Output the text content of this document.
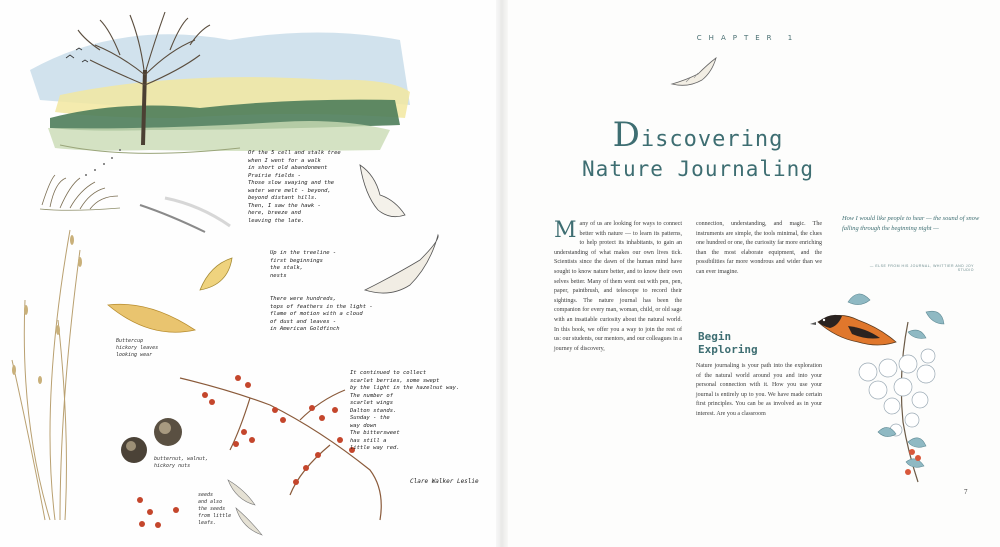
Of the 5 cell and stalk tree
when I went for a walk
in short old abandonment
Prairie fields -
Those slow swaying and the
water were melt - beyond,
beyond distant hills.
Then, I saw the hawk -
here, breeze and
leaving the late.
Up in the treeline -
first beginnings
the stalk,
nests
There were hundreds,
tops of feathers in the light -
flame of motion with a cloud
of dust and leaves -
in American Goldfinch
It continued to collect
scarlet berries, some swept
by the light in the hazelnut way.
The number of
scarlet wings
Dalton stands.
Sunday - the
way down
The bittersweet
has still a
little way red.
Clare Walker Leslie
Buttercup
hickory leaves
looking wear
butternut, walnut,
hickory nuts
seeds
and also
the seeds
from little
leafs.
CHAPTER 1
Discovering
Nature Journaling
Many of us are looking for ways to connect better with nature — to learn its patterns, to help protect its inhabitants, to gain an understanding of what makes our own lives tick. Scientists since the dawn of the human mind have sought to know nature better, and to know their own selves better. Many of them went out with pen, pen, paper, paintbrush, and telescope to record their sightings. The nature journal has been the companion for every man, woman, child, or old sage with an insatiable curiosity about the natural world. In this book, we offer you a way to join the rest of us: our students, our mentors, and our colleagues in a journey of discovery,
connection, understanding, and magic. The instruments are simple, the tools minimal, the clues one hundred or one, the curiosity far more enriching than the most elaborate equipment, and the possibilities far more wondrous and wider than we can ever imagine.
Begin
Exploring
Nature journaling is your path into the exploration of the natural world around you and into your personal connection with it. How you use your journal is entirely up to you. We have made certain first principles. You can be as involved as in your interest. Are you a classroom
How I would like people to hear — the sound of snow falling through the beginning night —
— ELSE FROM HIS JOURNAL, WHITTIER AND JOY STUDIO
7
